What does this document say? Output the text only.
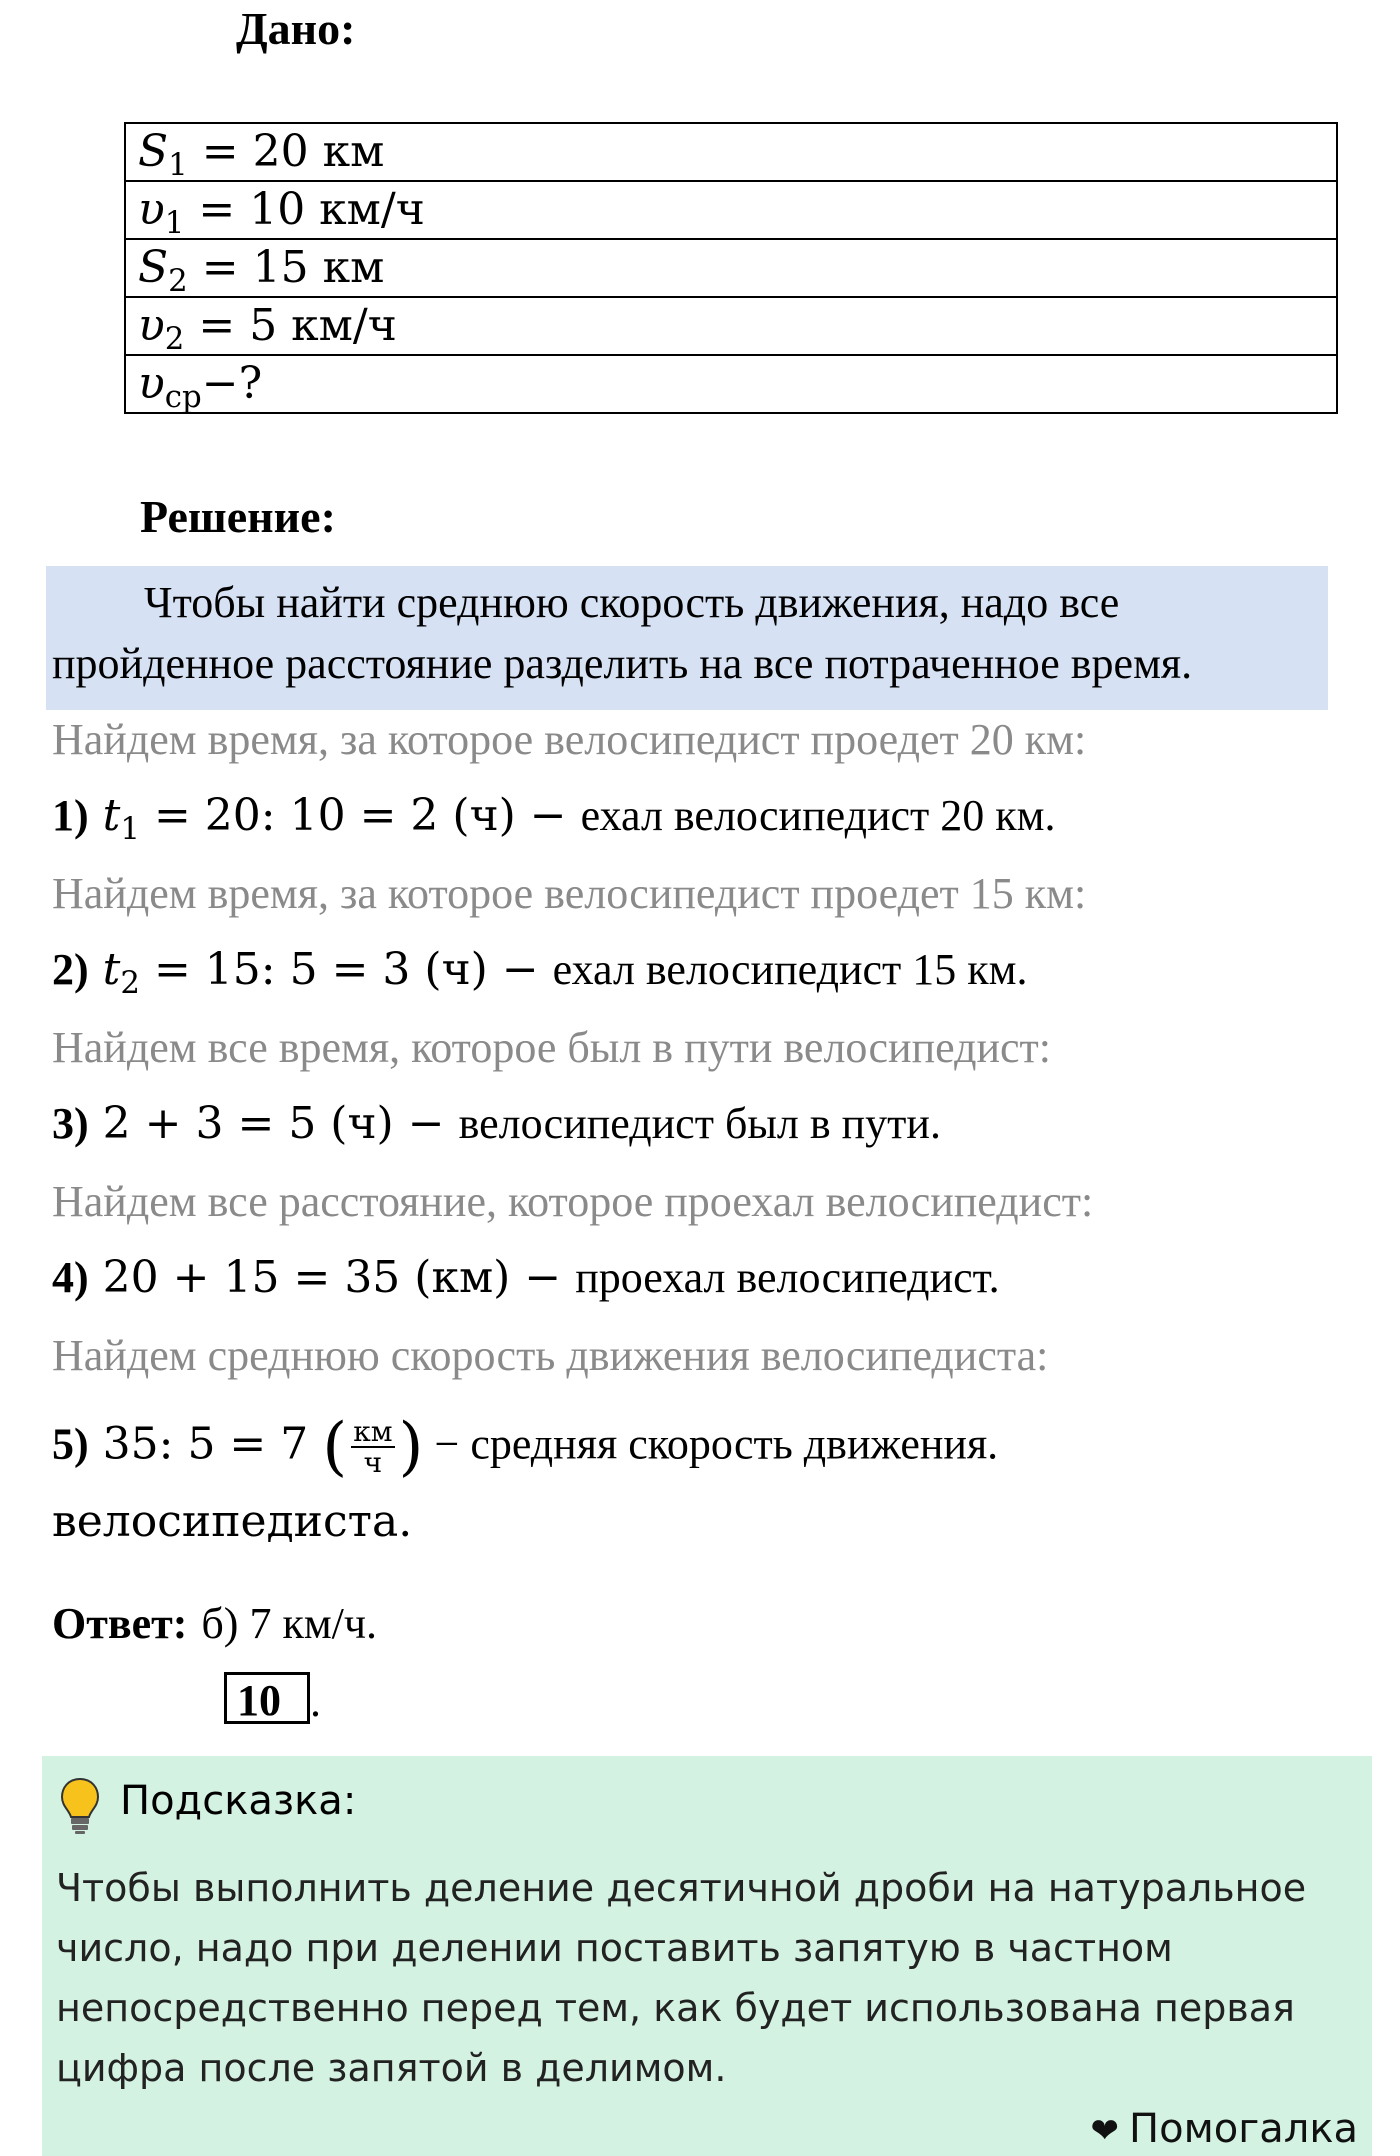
Дано:
$S_1 = 20$ км
$\upsilon_1 = 10$ км/ч
$S_2 = 15$ км
$\upsilon_2 = 5$ км/ч
$\upsilon_{ср}-$?
Решение:
Чтобы найти среднюю скорость движения, надо все пройденное расстояние разделить на все потраченное время.
Найдем время, за которое велосипедист проедет 20 км:
1) $t_1 = 20$: 10 = 2 (ч) − ехал велосипедист 20 км.
Найдем время, за которое велосипедист проедет 15 км:
2) $t_2 = 15$: 5 = 3 (ч) − ехал велосипедист 15 км.
Найдем все время, которое был в пути велосипедист:
3) 2 + 3 = 5 (ч) − велосипедист был в пути.
Найдем все расстояние, которое проехал велосипедист:
4) 20 + 15 = 35 (км) − проехал велосипедист.
Найдем среднюю скорость движения велосипедиста:
5) 35: 5 = 7 ( $\frac{км}{ч}$ ) − средняя скорость движения.
велосипедиста.
Ответ: б) 7 км/ч.
10 .
Подсказка:
Чтобы выполнить деление десятичной дроби на натуральное число, надо при делении поставить запятую в частном непосредственно перед тем, как будет использована первая цифра после запятой в делимом.
❤ Помогалка
